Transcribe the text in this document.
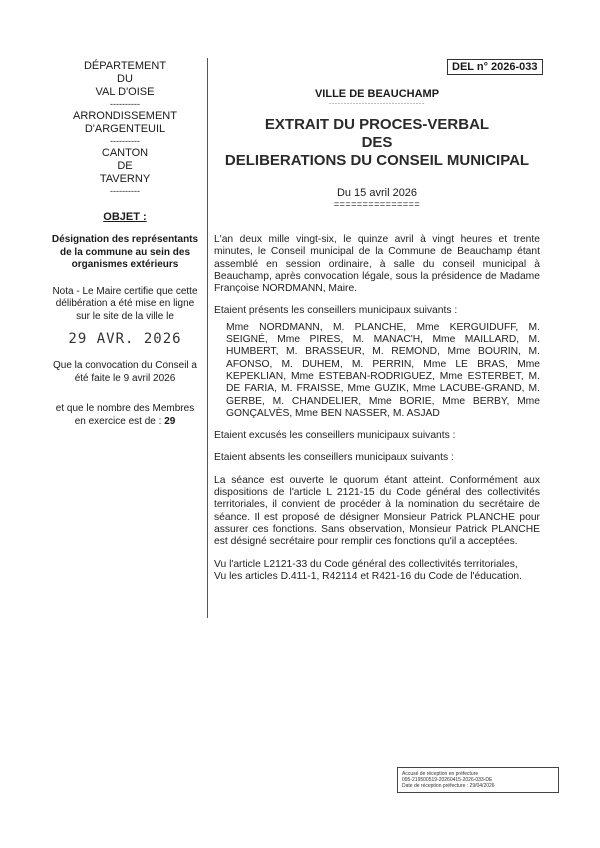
DÉPARTEMENT
DU
VAL D'OISE
----------
ARRONDISSEMENT
D'ARGENTEUIL
----------
CANTON
DE
TAVERNY
----------
OBJET :
Désignation des représentants de la commune au sein des organismes extérieurs
Nota - Le Maire certifie que cette délibération a été mise en ligne sur le site de la ville le
29 AVR. 2026
Que la convocation du Conseil a été faite le 9 avril 2026
et que le nombre des Membres en exercice est de : 29
DEL n° 2026-033
VILLE DE BEAUCHAMP
--------------------------------
EXTRAIT DU PROCES-VERBAL
DES
DELIBERATIONS DU CONSEIL MUNICIPAL
Du 15 avril 2026
===============

L'an deux mille vingt-six, le quinze avril à vingt heures et trente minutes, le Conseil municipal de la Commune de Beauchamp étant assemblé en session ordinaire, à salle du conseil municipal à Beauchamp, après convocation légale, sous la présidence de Madame Françoise NORDMANN, Maire.

Etaient présents les conseillers municipaux suivants :

Mme NORDMANN, M. PLANCHE, Mme KERGUIDUFF, M. SEIGNÉ, Mme PIRES, M. MANAC'H, Mme MAILLARD, M. HUMBERT, M. BRASSEUR, M. REMOND, Mme BOURIN, M. AFONSO, M. DUHEM, M. PERRIN, Mme LE BRAS, Mme KEPEKLIAN, Mme ESTEBAN-RODRIGUEZ, Mme ESTERBET, M. DE FARIA, M. FRAISSE, Mme GUZIK, Mme LACUBE-GRAND, M. GERBE, M. CHANDELIER, Mme BORIE, Mme BERBY, Mme GONÇALVÈS, Mme BEN NASSER, M. ASJAD

Etaient excusés les conseillers municipaux suivants :

Etaient absents les conseillers municipaux suivants :

La séance est ouverte le quorum étant atteint. Conformément aux dispositions de l'article L 2121-15 du Code général des collectivités territoriales, il convient de procéder à la nomination du secrétaire de séance. Il est proposé de désigner Monsieur Patrick PLANCHE pour assurer ces fonctions. Sans observation, Monsieur Patrick PLANCHE est désigné secrétaire pour remplir ces fonctions qu'il a acceptées.

Vu l'article L2121-33 du Code général des collectivités territoriales,

Vu les articles D.411-1, R42114 et R421-16 du Code de l'éducation.

Accusé de réception en préfecture
095-219500519-20260415-2026-033-DE
Date de réception préfecture : 29/04/2026
